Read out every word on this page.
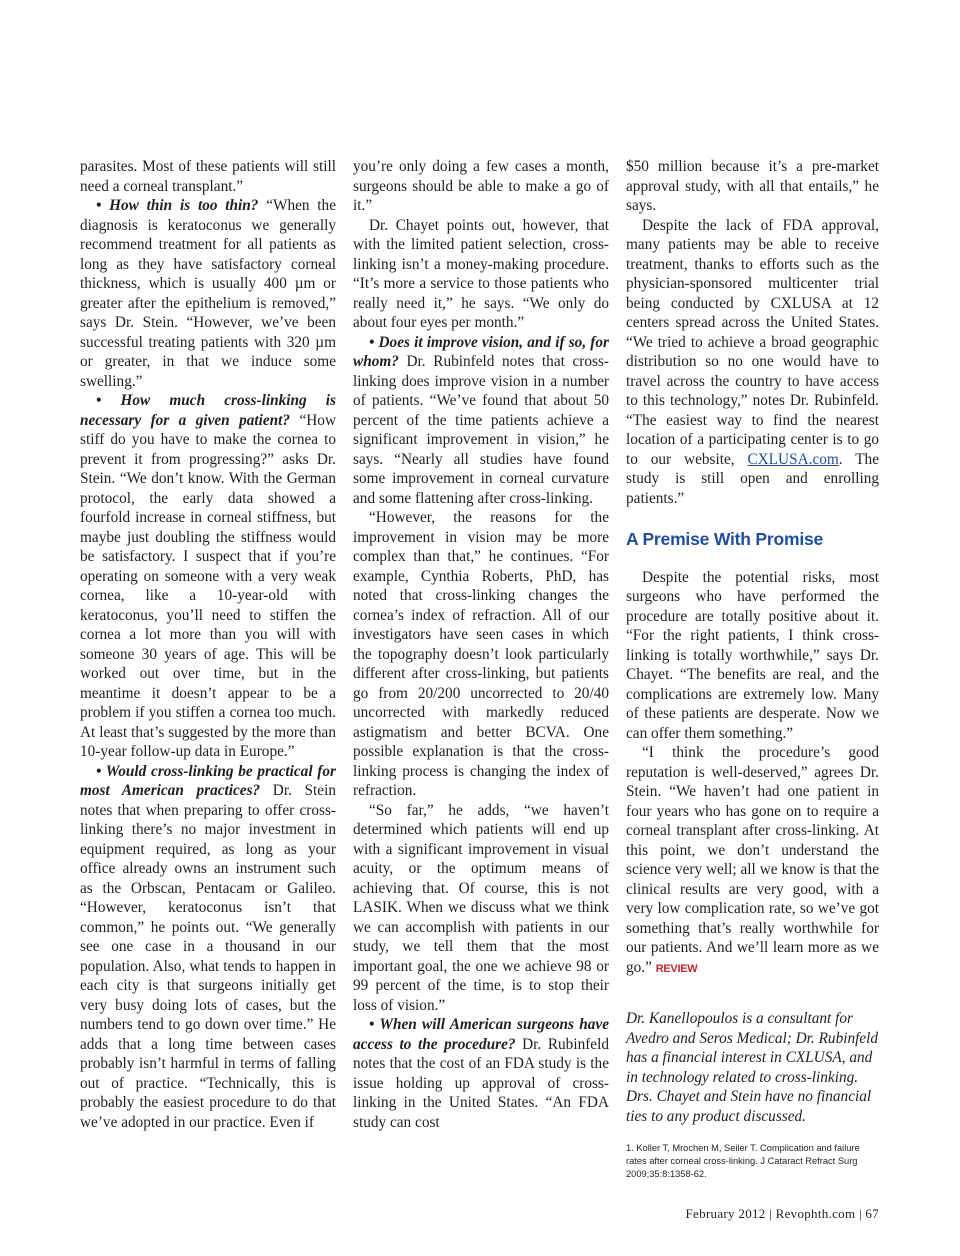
parasites. Most of these patients will still need a corneal transplant.”

• How thin is too thin? “When the diagnosis is keratoconus we generally recommend treatment for all patients as long as they have satisfactory corneal thickness, which is usually 400 µm or greater after the epithelium is removed,” says Dr. Stein. “However, we’ve been successful treating patients with 320 µm or greater, in that we induce some swelling.”

• How much cross-linking is necessary for a given patient? “How stiff do you have to make the cornea to prevent it from progressing?” asks Dr. Stein. “We don’t know. With the German protocol, the early data showed a fourfold increase in corneal stiffness, but maybe just doubling the stiffness would be satisfactory. I suspect that if you’re operating on someone with a very weak cornea, like a 10-year-old with keratoconus, you’ll need to stiffen the cornea a lot more than you will with someone 30 years of age. This will be worked out over time, but in the meantime it doesn’t appear to be a problem if you stiffen a cornea too much. At least that’s suggested by the more than 10-year follow-up data in Europe.”

• Would cross-linking be practical for most American practices? Dr. Stein notes that when preparing to offer cross-linking there’s no major investment in equipment required, as long as your office already owns an instrument such as the Orbscan, Pentacam or Galileo. “However, keratoconus isn’t that common,” he points out. “We generally see one case in a thousand in our population. Also, what tends to happen in each city is that surgeons initially get very busy doing lots of cases, but the numbers tend to go down over time.” He adds that a long time between cases probably isn’t harmful in terms of falling out of practice. “Technically, this is probably the easiest procedure to do that we’ve adopted in our practice. Even if

you’re only doing a few cases a month, surgeons should be able to make a go of it.”

Dr. Chayet points out, however, that with the limited patient selection, cross-linking isn’t a money-making procedure. “It’s more a service to those patients who really need it,” he says. “We only do about four eyes per month.”

• Does it improve vision, and if so, for whom? Dr. Rubinfeld notes that cross-linking does improve vision in a number of patients. “We’ve found that about 50 percent of the time patients achieve a significant improvement in vision,” he says. “Nearly all studies have found some improvement in corneal curvature and some flattening after cross-linking.

“However, the reasons for the improvement in vision may be more complex than that,” he continues. “For example, Cynthia Roberts, PhD, has noted that cross-linking changes the cornea’s index of refraction. All of our investigators have seen cases in which the topography doesn’t look particularly different after cross-linking, but patients go from 20/200 uncorrected to 20/40 uncorrected with markedly reduced astigmatism and better BCVA. One possible explanation is that the cross-linking process is changing the index of refraction.

“So far,” he adds, “we haven’t determined which patients will end up with a significant improvement in visual acuity, or the optimum means of achieving that. Of course, this is not LASIK. When we discuss what we think we can accomplish with patients in our study, we tell them that the most important goal, the one we achieve 98 or 99 percent of the time, is to stop their loss of vision.”

• When will American surgeons have access to the procedure? Dr. Rubinfeld notes that the cost of an FDA study is the issue holding up approval of cross-linking in the United States. “An FDA study can cost

$50 million because it’s a pre-market approval study, with all that entails,” he says.

Despite the lack of FDA approval, many patients may be able to receive treatment, thanks to efforts such as the physician-sponsored multicenter trial being conducted by CXLUSA at 12 centers spread across the United States. “We tried to achieve a broad geographic distribution so no one would have to travel across the country to have access to this technology,” notes Dr. Rubinfeld. “The easiest way to find the nearest location of a participating center is to go to our website, CXLUSA.com. The study is still open and enrolling patients.”

A Premise With Promise

Despite the potential risks, most surgeons who have performed the procedure are totally positive about it. “For the right patients, I think cross-linking is totally worthwhile,” says Dr. Chayet. “The benefits are real, and the complications are extremely low. Many of these patients are desperate. Now we can offer them something.”

“I think the procedure’s good reputation is well-deserved,” agrees Dr. Stein. “We haven’t had one patient in four years who has gone on to require a corneal transplant after cross-linking. At this point, we don’t understand the science very well; all we know is that the clinical results are very good, with a very low complication rate, so we’ve got something that’s really worthwhile for our patients. And we’ll learn more as we go.” REVIEW

Dr. Kanellopoulos is a consultant for Avedro and Seros Medical; Dr. Rubinfeld has a financial interest in CXLUSA, and in technology related to cross-linking. Drs. Chayet and Stein have no financial ties to any product discussed.

1. Koller T, Mrochen M, Seiler T. Complication and failure rates after corneal cross-linking. J Cataract Refract Surg 2009;35:8:1358-62.

February 2012 | Revophth.com | 67
